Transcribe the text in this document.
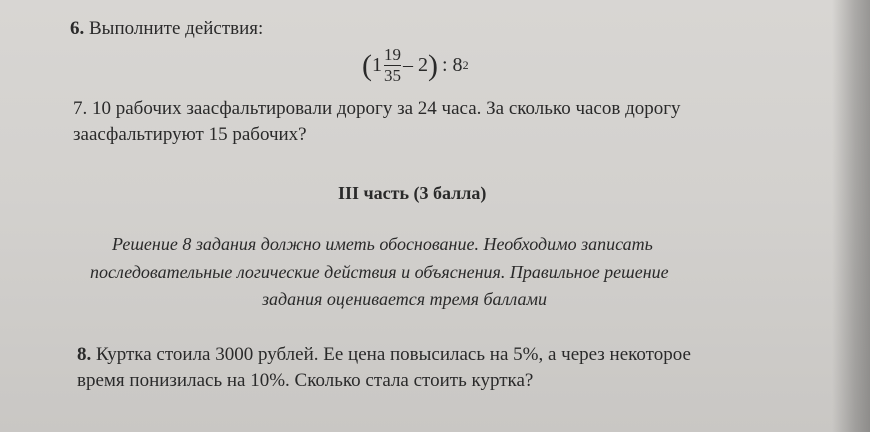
6. Выполните действия:
( $1 \frac{19}{35} - 2$ ) : 8 2
7. 10 рабочих заасфальтировали дорогу за 24 часа. За сколько часов дорогу
заасфальтируют 15 рабочих?
III часть (3 балла)
Решение 8 задания должно иметь обоснование. Необходимо записать
последовательные логические действия и объяснения. Правильное решение
задания оценивается тремя баллами
8. Куртка стоила 3000 рублей. Ее цена повысилась на 5%, а через некоторое
время понизилась на 10%. Сколько стала стоить куртка?
